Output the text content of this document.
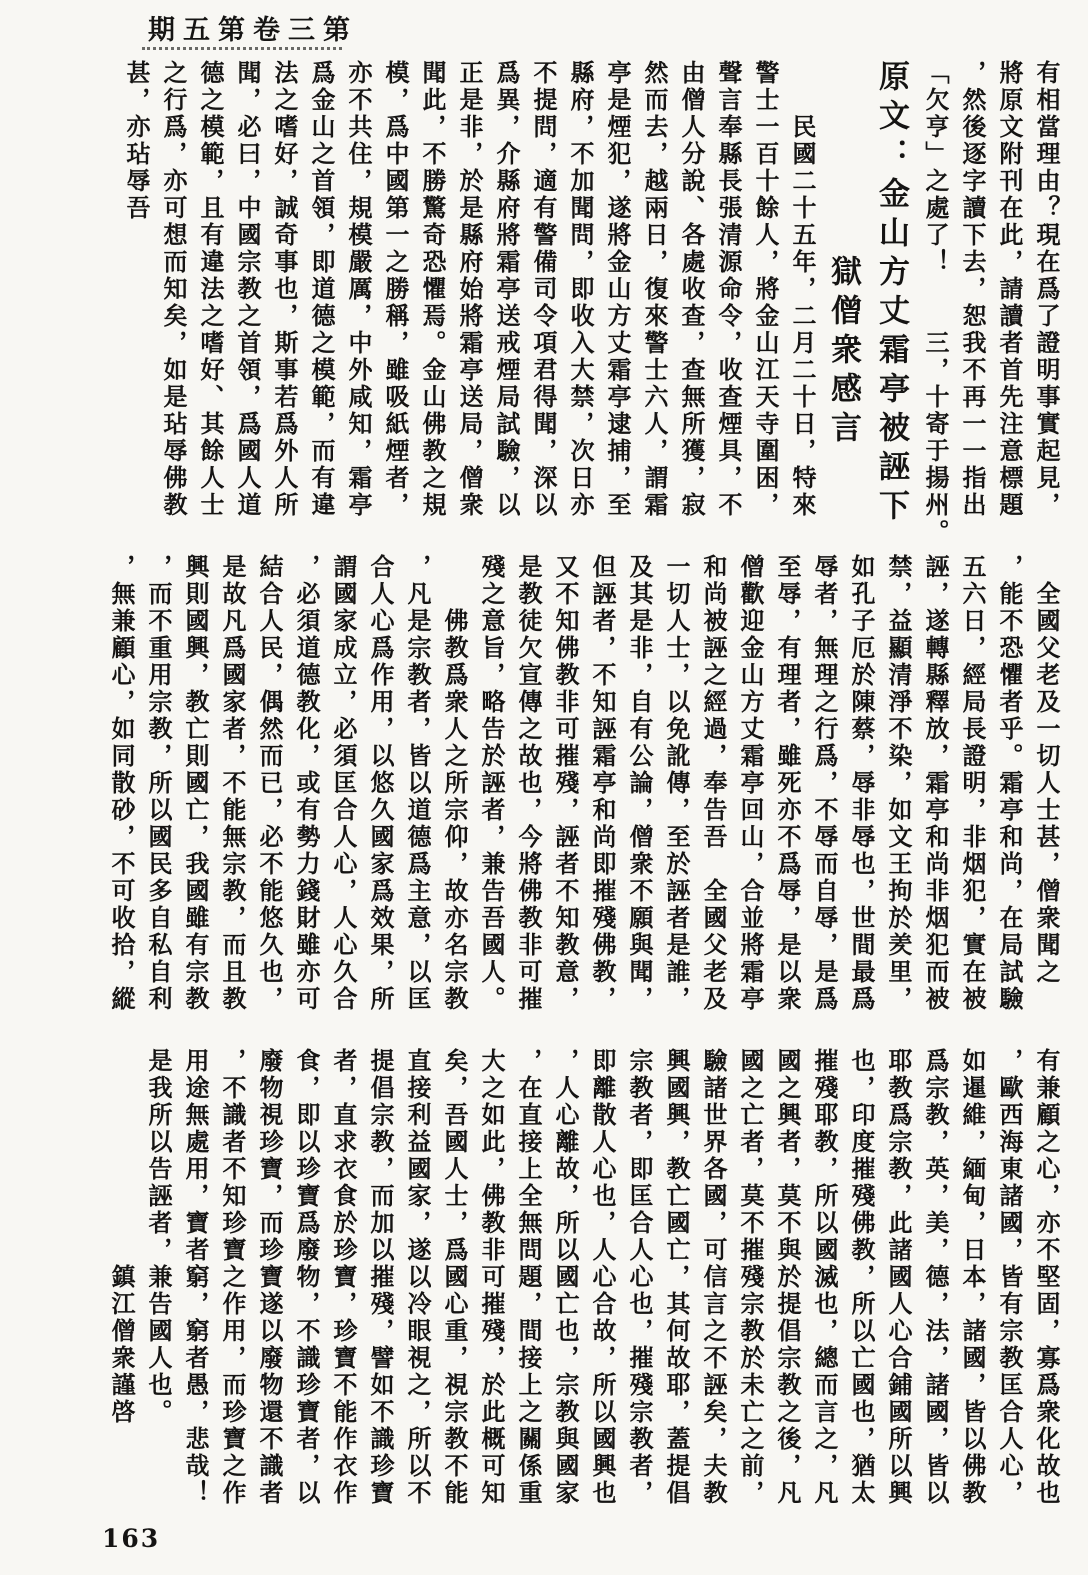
期五第卷三第
有相當理由？現在爲了證明事實起見，
將原文附刊在此，請讀者首先注意標題
，然後逐字讀下去，恕我不再一一指出
「欠亨」之處了！　　三，十寄于揚州。
原文：金山方丈霜亭被誣下
　　　　　獄僧衆感言
　　民國二十五年，二月二十日，特來
警士一百十餘人，將金山江天寺圍困，
聲言奉縣長張清源命令，收查煙具，不
由僧人分說、各處收查，查無所獲，寂
然而去，越兩日，復來警士六人，謂霜
亭是煙犯，遂將金山方丈霜亭逮捕，至
縣府，不加聞問，即收入大禁，次日亦
不提問，適有警備司令項君得聞，深以
爲異，介縣府將霜亭送戒煙局試驗，以
正是非，於是縣府始將霜亭送局，僧衆
聞此，不勝驚奇恐懼焉。金山佛教之規
模，爲中國第一之勝稱，雖吸紙煙者，
亦不共住，規模嚴厲，中外咸知，霜亭
爲金山之首領，即道德之模範，而有違
法之嗜好，誠奇事也，斯事若爲外人所
聞，必曰，中國宗教之首領，爲國人道
德之模範，且有違法之嗜好、其餘人士
之行爲，亦可想而知矣，如是玷辱佛教
甚，亦玷辱吾
　全國父老及一切人士甚，僧衆聞之
，能不恐懼者乎。霜亭和尚，在局試驗
五六日，經局長證明，非烟犯，實在被
誣，遂轉縣釋放，霜亭和尚非烟犯而被
禁，益顯清淨不染，如文王拘於羑里，
如孔子厄於陳蔡，辱非辱也，世間最爲
辱者，無理之行爲，不辱而自辱，是爲
至辱，有理者，雖死亦不爲辱，是以衆
僧歡迎金山方丈霜亭回山，合並將霜亭
和尚被誣之經過，奉告吾　全國父老及
一切人士，以免訛傳，至於誣者是誰，
及其是非，自有公論，僧衆不願與聞，
但誣者，不知誣霜亭和尚即摧殘佛教，
又不知佛教非可摧殘，誣者不知教意，
是教徒欠宣傳之故也，今將佛教非可摧
殘之意旨，略告於誣者，兼告吾國人。
　　佛教爲衆人之所宗仰，故亦名宗教
，凡是宗教者，皆以道德爲主意，以匡
合人心爲作用，以悠久國家爲效果，所
謂國家成立，必須匡合人心，人心久合
，必須道德教化，或有勢力錢財雖亦可
結合人民，偶然而已，必不能悠久也，
是故凡爲國家者，不能無宗教，而且教
興則國興，教亡則國亡，我國雖有宗教
，而不重用宗教，所以國民多自私自利
，無兼顧心，如同散砂，不可收拾，縱
有兼顧之心，亦不堅固，寡爲衆化故也
，歐西海東諸國，皆有宗教匡合人心，
如暹維，緬甸，日本，諸國，皆以佛教
爲宗教，英，美，德，法，諸國，皆以
耶教爲宗教，此諸國人心合鋪國所以興
也，印度摧殘佛教，所以亡國也，猶太
摧殘耶教，所以國滅也，總而言之，凡
國之興者，莫不與於提倡宗教之後，凡
國之亡者，莫不摧殘宗教於未亡之前，
驗諸世界各國，可信言之不誣矣，夫教
興國興，教亡國亡，其何故耶，蓋提倡
宗教者，即匡合人心也，摧殘宗教者，
即離散人心也，人心合故，所以國興也
，人心離故，所以國亡也，宗教與國家
，在直接上全無問題，間接上之關係重
大之如此，佛教非可摧殘，於此概可知
矣，吾國人士，爲國心重，視宗教不能
直接利益國家，遂以冷眼視之，所以不
提倡宗教，而加以摧殘，譬如不識珍寶
者，直求衣食於珍寶，珍寶不能作衣作
食，即以珍寶爲廢物，不識珍寶者，以
廢物視珍寶，而珍寶遂以廢物還不識者
，不識者不知珍寶之作用，而珍寶之作
用途無處用，寶者窮，窮者愚，悲哉！
是我所以告誣者，兼告國人也。
　　　　　　　　鎮江僧衆謹啓
163
